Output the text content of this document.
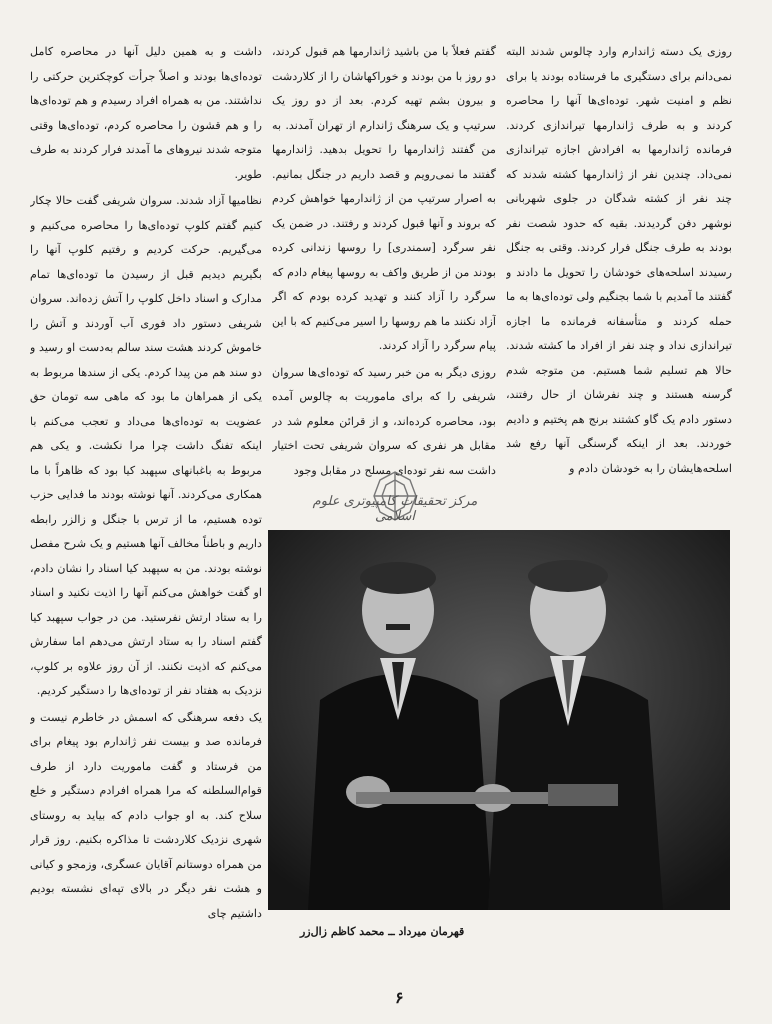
روزی یک دسته ژاندارم وارد چالوس شدند البته نمی‌دانم برای دستگیری ما فرستاده بودند یا برای نظم و امنیت شهر. توده‌ای‌ها آنها را محاصره کردند و به طرف ژاندارمها تیراندازی کردند. فرمانده ژاندارمها به افرادش اجازه تیراندازی نمی‌داد. چندین نفر از ژاندارمها کشته شدند که چند نفر از کشته شدگان در جلوی شهربانی نوشهر دفن گردیدند. بقیه که حدود شصت نفر بودند به طرف جنگل فرار کردند. وقتی به جنگل رسیدند اسلحه‌های خودشان را تحویل ما دادند و گفتند ما آمدیم با شما بجنگیم ولی توده‌ای‌ها به ما حمله کردند و متأسفانه فرمانده ما اجازه تیراندازی نداد و چند نفر از افراد ما کشته شدند. حالا هم تسلیم شما هستیم. من متوجه شدم گرسنه هستند و چند نفرشان از حال رفتند، دستور دادم یک گاو کشتند برنج هم پختیم و دادیم خوردند. بعد از اینکه گرسنگی آنها رفع شد اسلحه‌هایشان را به خودشان دادم و

گفتم فعلاً با من باشید ژاندارمها هم قبول کردند، دو روز با من بودند و خوراکهاشان را از کلاردشت و بیرون بشم تهیه کردم. بعد از دو روز یک سرتیپ و یک سرهنگ ژاندارم از تهران آمدند. به من گفتند ژاندارمها را تحویل بدهید. ژاندارمها گفتند ما نمی‌رویم و قصد داریم در جنگل بمانیم. به اصرار سرتیپ من از ژاندارمها خواهش کردم که بروند و آنها قبول کردند و رفتند. در ضمن یک نفر سرگرد [سمندری] را روسها زندانی کرده بودند من از طریق واکف به روسها پیغام دادم که سرگرد را آزاد کنند و تهدید کرده بودم که اگر آزاد نکنند ما هم روسها را اسیر می‌کنیم که با این پیام سرگرد را آزاد کردند.

روزی دیگر به من خبر رسید که توده‌ای‌ها سروان شریفی را که برای ماموریت به چالوس آمده بود، محاصره کرده‌اند، و از قرائن معلوم شد در مقابل هر نفری که سروان شریفی تحت اختیار داشت سه نفر توده‌ای مسلح در مقابل وجود

داشت و به همین دلیل آنها در محاصره کامل توده‌ای‌ها بودند و اصلاً جرأت کوچکترین حرکتی را نداشتند. من به همراه افراد رسیدم و هم توده‌ای‌ها را و هم قشون را محاصره کردم، توده‌ای‌ها وقتی متوجه شدند نیروهای ما آمدند فرار کردند به طرف طویر.

نظامیها آزاد شدند. سروان شریفی گفت حالا چکار کنیم گفتم کلوپ توده‌ای‌ها را محاصره می‌کنیم و می‌گیریم. حرکت کردیم و رفتیم کلوپ آنها را بگیریم دیدیم قبل از رسیدن ما توده‌ای‌ها تمام مدارک و اسناد داخل کلوپ را آتش زده‌اند. سروان شریفی دستور داد فوری آب آوردند و آتش را خاموش کردند هشت سند سالم به‌دست او رسید و دو سند هم من پیدا کردم. یکی از سندها مربوط به یکی از همراهان ما بود که ماهی سه تومان حق عضویت به توده‌ای‌ها می‌داد و تعجب می‌کنم با اینکه تفنگ داشت چرا مرا نکشت. و یکی هم مربوط به باغبانهای سپهبد کیا بود که ظاهراً با ما همکاری می‌کردند. آنها نوشته بودند ما فدایی حزب توده هستیم، ما از ترس با جنگل و زالزر رابطه داریم و باطناً مخالف آنها هستیم و یک شرح مفصل نوشته بودند. من به سپهبد کیا اسناد را نشان دادم، او گفت خواهش می‌کنم آنها را اذیت نکنید و اسناد را به ستاد ارتش نفرستید. من در جواب سپهبد کیا گفتم اسناد را به ستاد ارتش می‌دهم اما سفارش می‌کنم که اذیت نکنند. از آن روز علاوه بر کلوپ، نزدیک به هفتاد نفر از توده‌ای‌ها را دستگیر کردیم.

یک دفعه سرهنگی که اسمش در خاطرم نیست و فرمانده صد و بیست نفر ژاندارم بود پیغام برای من فرستاد و گفت ماموریت دارد از طرف قوام‌السلطنه که مرا همراه افرادم دستگیر و خلع سلاح کند. به او جواب دادم که بیاید به روستای شهری نزدیک کلاردشت تا مذاکره بکنیم. روز قرار من همراه دوستانم آقایان عسگری، وزمجو و کیانی و هشت نفر دیگر در بالای تپه‌ای نشسته بودیم داشتیم چای

مرکز تحقیقات کامپیوتری علوم اسلامی
قهرمان میرداد ــ محمد کاظم زال‌زر
۶
